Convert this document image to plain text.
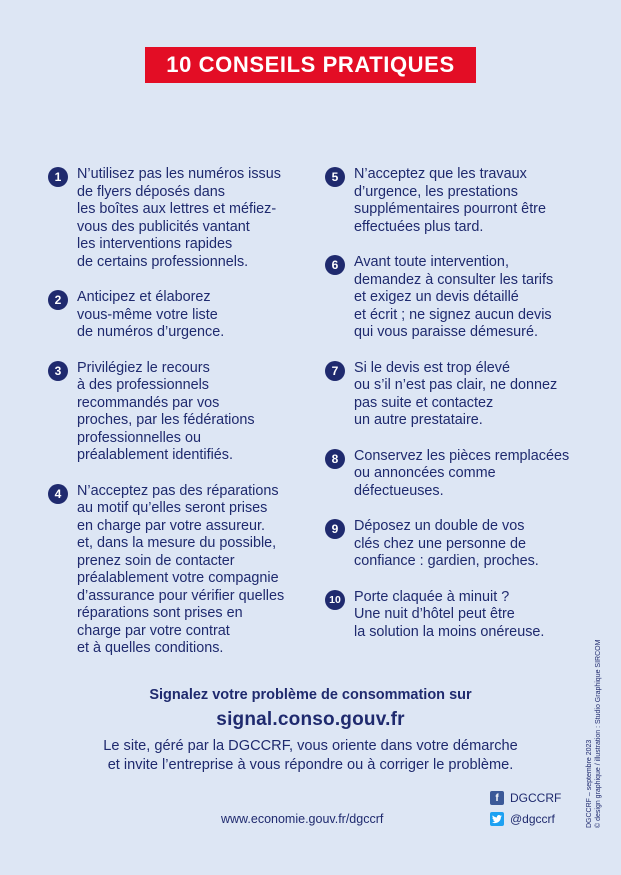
10 CONSEILS PRATIQUES
1	N’utilisez pas les numéros issus
de flyers déposés dans
les boîtes aux lettres et méfiez-
vous des publicités vantant
les interventions rapides
de certains professionnels.
2	Anticipez et élaborez
vous-même votre liste
de numéros d’urgence.
3	Privilégiez le recours
à des professionnels
recommandés par vos
proches, par les fédérations
professionnelles ou
préalablement identifiés.
4	N’acceptez pas des réparations
au motif qu’elles seront prises
en charge par votre assureur.
et, dans la mesure du possible,
prenez soin de contacter
préalablement votre compagnie
d’assurance pour vérifier quelles
réparations sont prises en
charge par votre contrat
et à quelles conditions.
5	N’acceptez que les travaux
d’urgence, les prestations
supplémentaires pourront être
effectuées plus tard.
6	Avant toute intervention,
demandez à consulter les tarifs
et exigez un devis détaillé
et écrit ; ne signez aucun devis
qui vous paraisse démesuré.
7	Si le devis est trop élevé
ou s’il n’est pas clair, ne donnez
pas suite et contactez
un autre prestataire.
8	Conservez les pièces remplacées
ou annoncées comme
défectueuses.
9	Déposez un double de vos
clés chez une personne de
confiance : gardien, proches.
10 Porte claquée à minuit ?
Une nuit d’hôtel peut être
la solution la moins onéreuse.
Signalez votre problème de consommation sur
signal.conso.gouv.fr
Le site, géré par la DGCCRF, vous oriente dans votre démarche
et invite l’entreprise à vous répondre ou à corriger le problème.
www.economie.gouv.fr/dgccrf
f DGCCRF
@dgccrf	DGCCRF – septembre 2023 © design graphique / illustration : Studio Graphique SIRCOM
